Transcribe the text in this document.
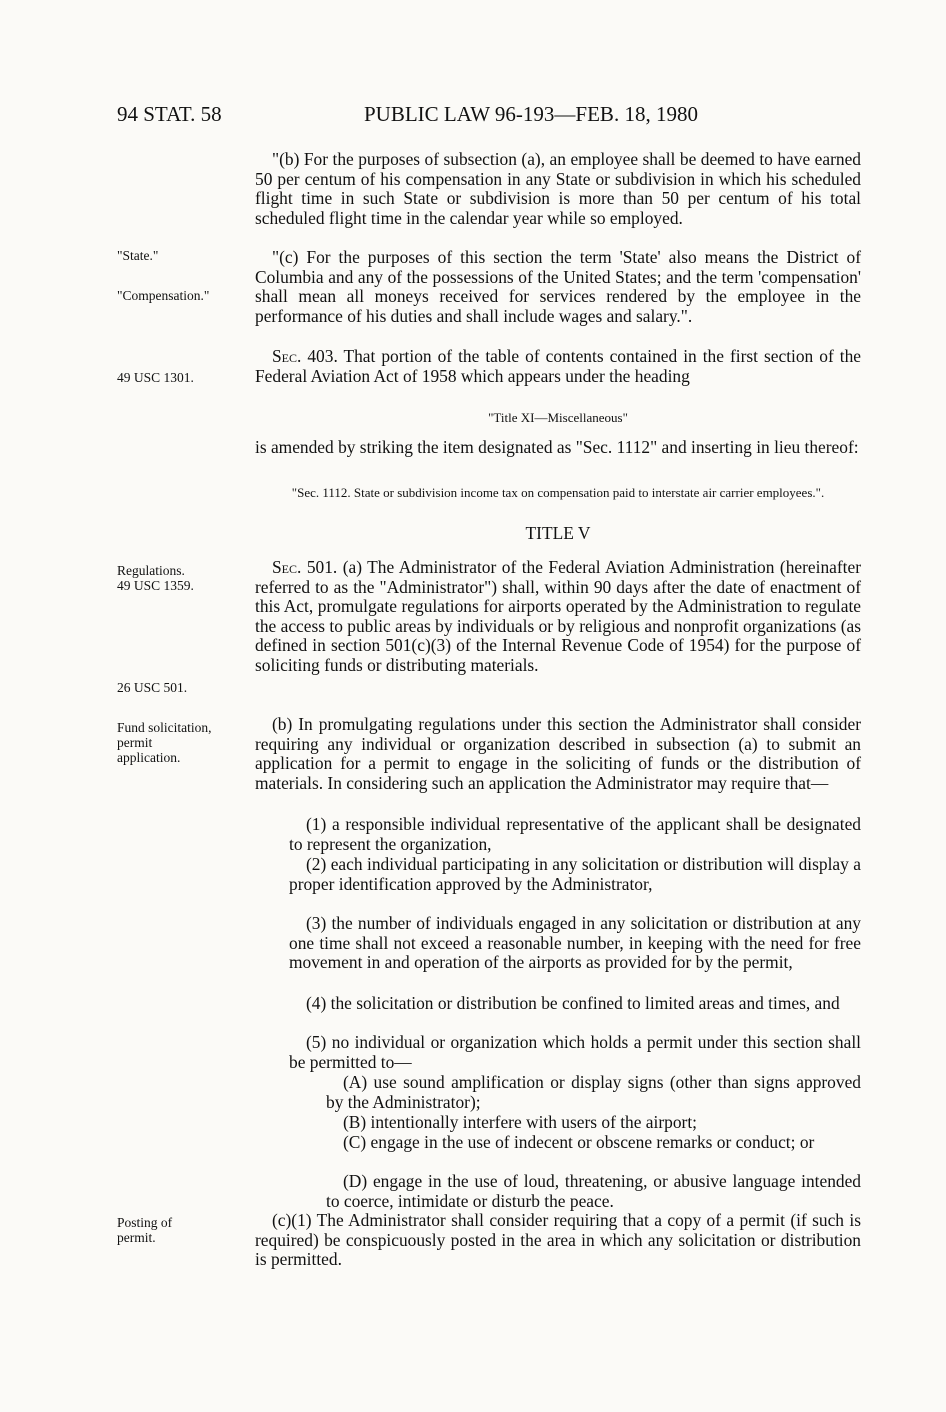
94 STAT. 58	PUBLIC LAW 96-193—FEB. 18, 1980
"State."
"Compensation."
49 USC 1301.
Regulations.
49 USC 1359.
26 USC 501.
Fund solicitation, permit application.
Posting of permit.

"(b) For the purposes of subsection (a), an employee shall be deemed to have earned 50 per centum of his compensation in any State or subdivision in which his scheduled flight time in such State or subdivision is more than 50 per centum of his total scheduled flight time in the calendar year while so employed.

"(c) For the purposes of this section the term 'State' also means the District of Columbia and any of the possessions of the United States; and the term 'compensation' shall mean all moneys received for services rendered by the employee in the performance of his duties and shall include wages and salary.".

Sec. 403. That portion of the table of contents contained in the first section of the Federal Aviation Act of 1958 which appears under the heading

"Title XI—Miscellaneous"

is amended by striking the item designated as "Sec. 1112" and inserting in lieu thereof:

"Sec. 1112. State or subdivision income tax on compensation paid to interstate air carrier employees.".

TITLE V

Sec. 501. (a) The Administrator of the Federal Aviation Administration (hereinafter referred to as the "Administrator") shall, within 90 days after the date of enactment of this Act, promulgate regulations for airports operated by the Administration to regulate the access to public areas by individuals or by religious and nonprofit organizations (as defined in section 501(c)(3) of the Internal Revenue Code of 1954) for the purpose of soliciting funds or distributing materials.

(b) In promulgating regulations under this section the Administrator shall consider requiring any individual or organization described in subsection (a) to submit an application for a permit to engage in the soliciting of funds or the distribution of materials. In considering such an application the Administrator may require that—

(1) a responsible individual representative of the applicant shall be designated to represent the organization,

(2) each individual participating in any solicitation or distribution will display a proper identification approved by the Administrator,

(3) the number of individuals engaged in any solicitation or distribution at any one time shall not exceed a reasonable number, in keeping with the need for free movement in and operation of the airports as provided for by the permit,

(4) the solicitation or distribution be confined to limited areas and times, and

(5) no individual or organization which holds a permit under this section shall be permitted to—

(A) use sound amplification or display signs (other than signs approved by the Administrator);

(B) intentionally interfere with users of the airport;

(C) engage in the use of indecent or obscene remarks or conduct; or

(D) engage in the use of loud, threatening, or abusive language intended to coerce, intimidate or disturb the peace.

(c)(1) The Administrator shall consider requiring that a copy of a permit (if such is required) be conspicuously posted in the area in which any solicitation or distribution is permitted.
